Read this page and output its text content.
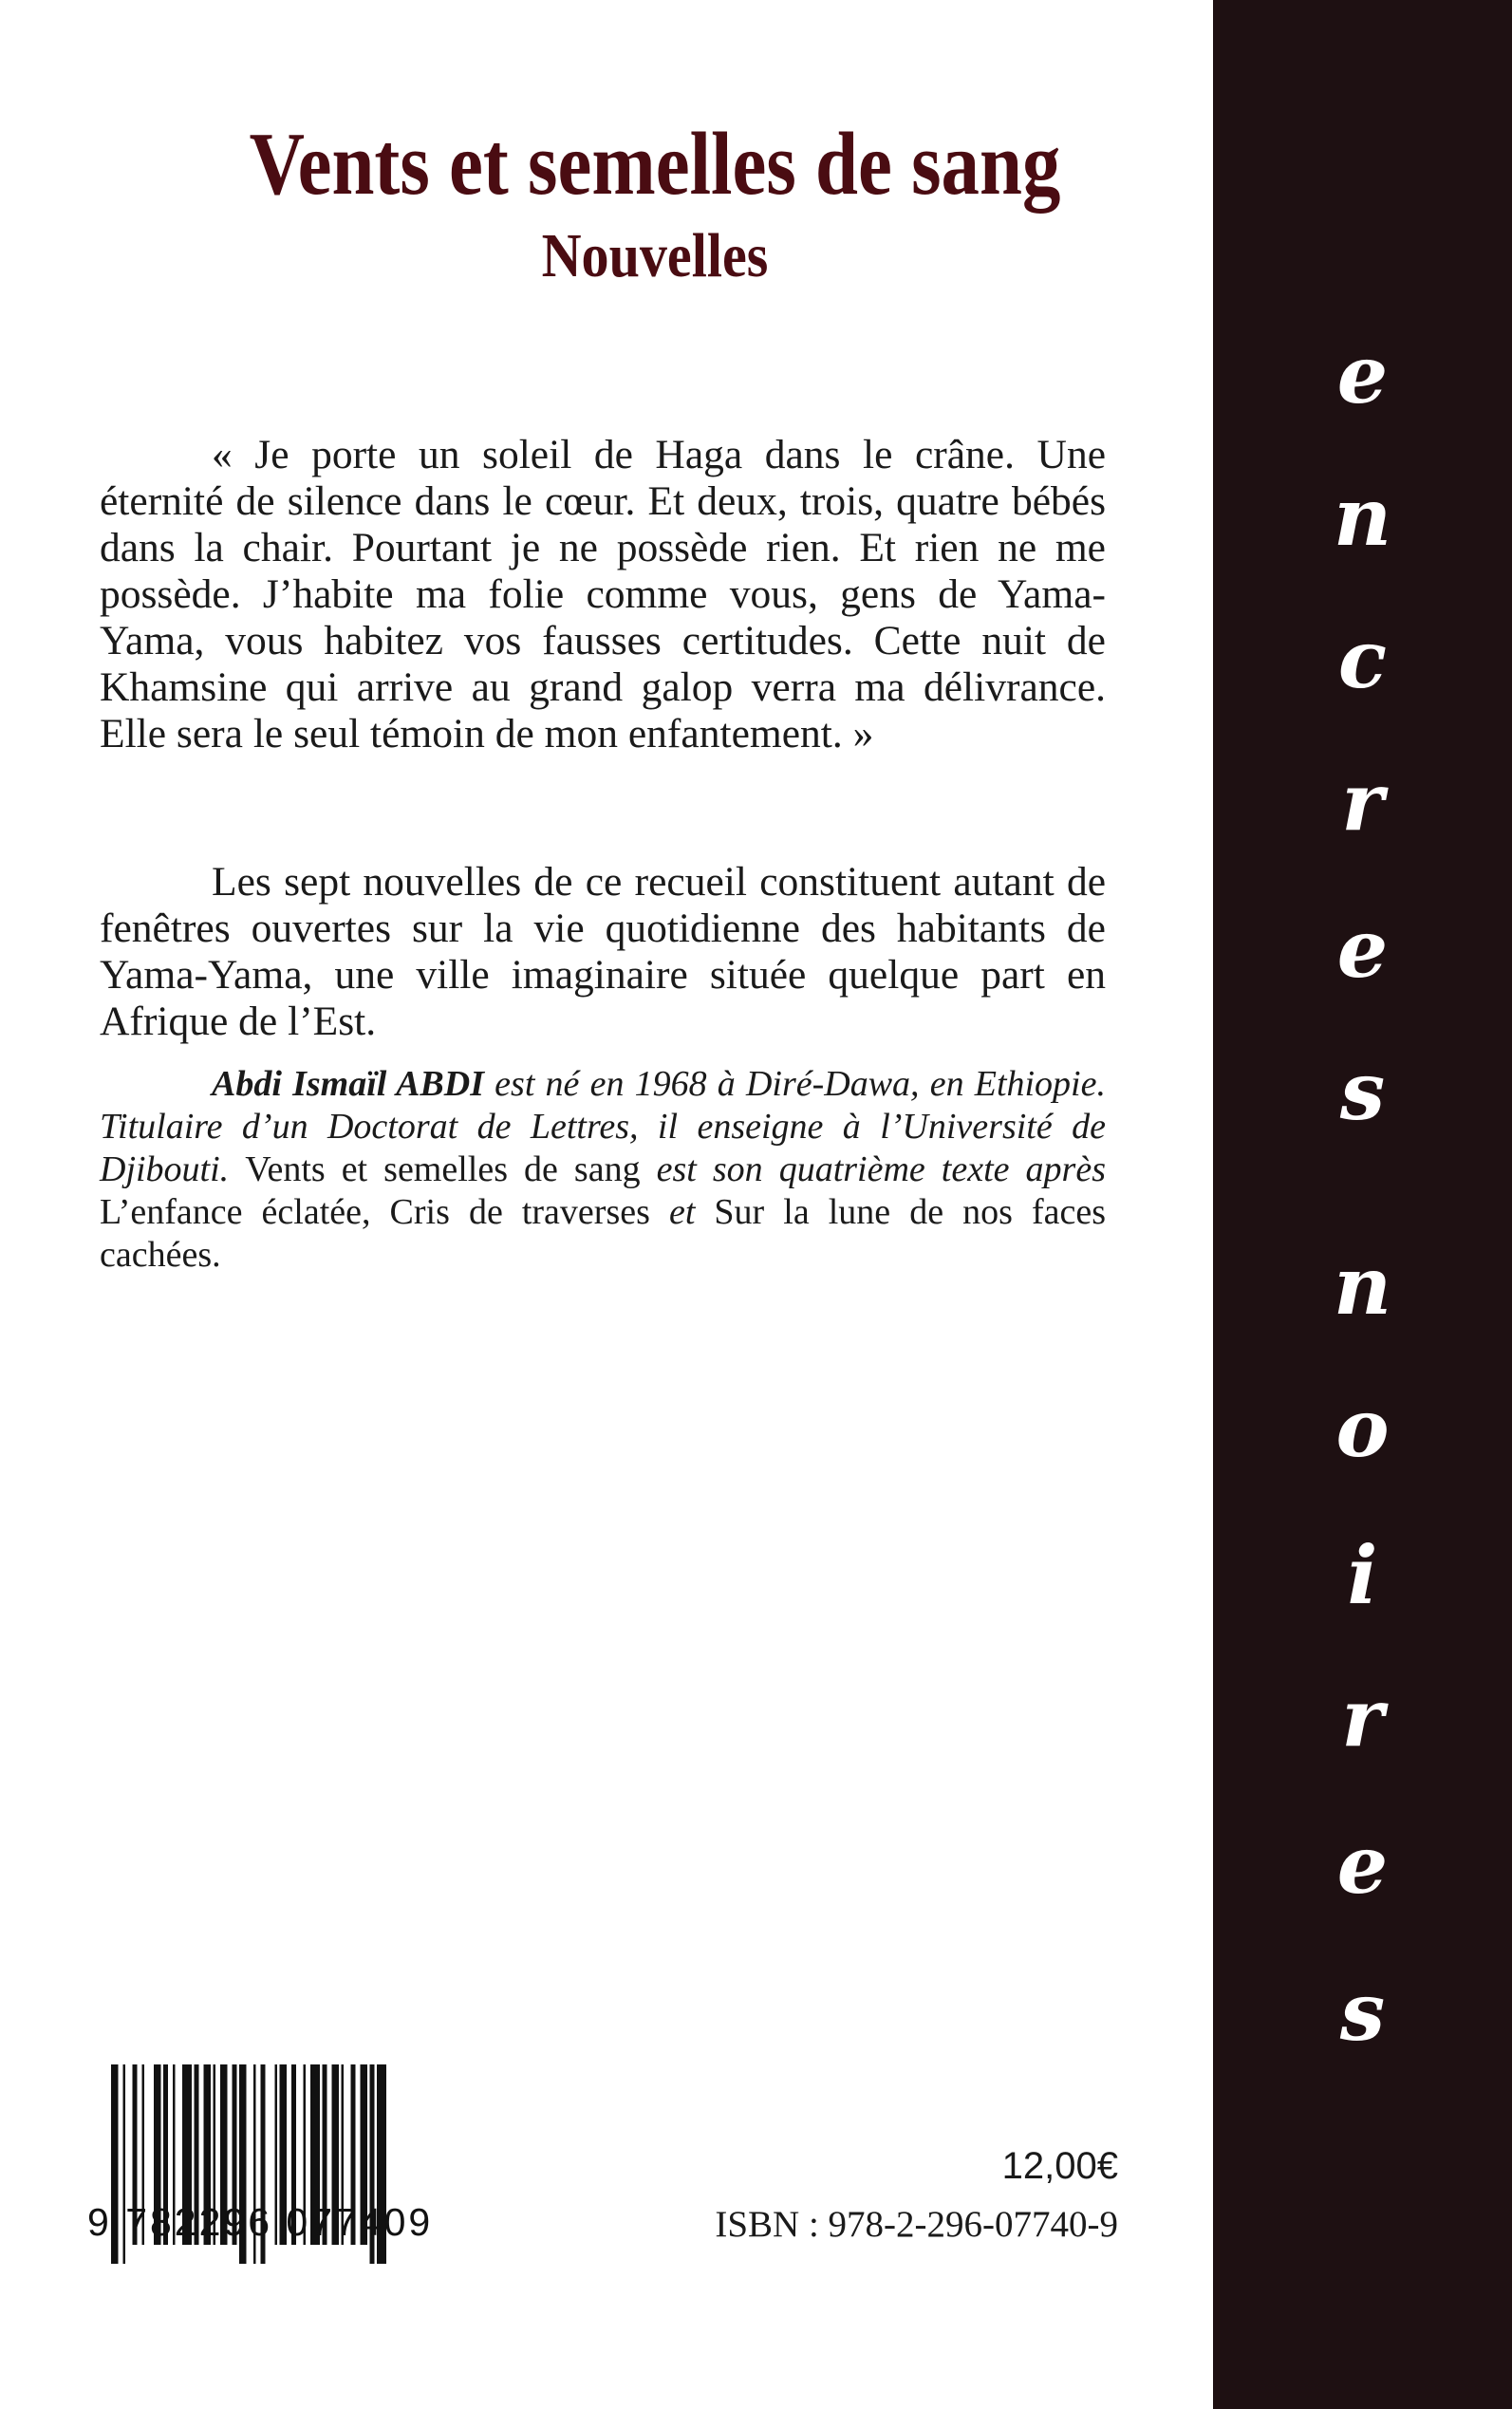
Vents et semelles de sang
Nouvelles
« Je porte un soleil de Haga dans le crâne. Une éternité de silence dans le cœur. Et deux, trois, quatre bébés dans la chair. Pourtant je ne possède rien. Et rien ne me possède. J’habite ma folie comme vous, gens de Yama-Yama, vous habitez vos fausses certitudes. Cette nuit de Khamsine qui arrive au grand galop verra ma délivrance. Elle sera le seul témoin de mon enfantement. »
Les sept nouvelles de ce recueil constituent autant de fenêtres ouvertes sur la vie quotidienne des habitants de Yama-Yama, une ville imaginaire située quelque part en Afrique de l’Est.
Abdi Ismaïl ABDI est né en 1968 à Diré-Dawa, en Ethiopie. Titulaire d’un Doctorat de Lettres, il enseigne à l’Université de Djibouti. Vents et semelles de sang est son quatrième texte après L’enfance éclatée, Cris de traverses et Sur la lune de nos faces cachées.
9 782296 077409
12,00€
ISBN : 978-2-296-07740-9
e
n
c
r
e
s
n
o
i
r
e
s
